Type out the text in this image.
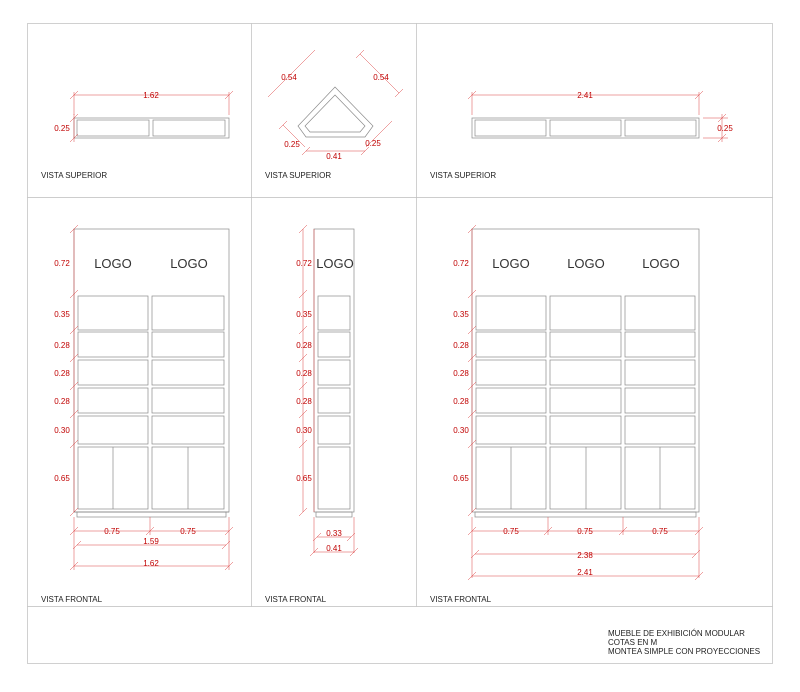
1.62
0.25
VISTA SUPERIOR
0.54	0.54
0.25	0.25
0.41
VISTA SUPERIOR
2.41
0.25
VISTA SUPERIOR
LOGO	LOGO
0.72
0.35
0.28
0.28
0.28
0.30
0.65
0.75	0.75
1.59
1.62
VISTA FRONTAL
LOGO
0.72
0.35
0.28
0.28
0.28
0.30
0.65
0.33
0.41
VISTA FRONTAL
LOGO	LOGO	LOGO
0.72
0.35
0.28
0.28
0.28
0.30
0.65
0.75	0.75	0.75
2.38
2.41
VISTA FRONTAL
MUEBLE DE EXHIBICIÓN MODULAR
COTAS EN M
MONTEA SIMPLE CON PROYECCIONES
